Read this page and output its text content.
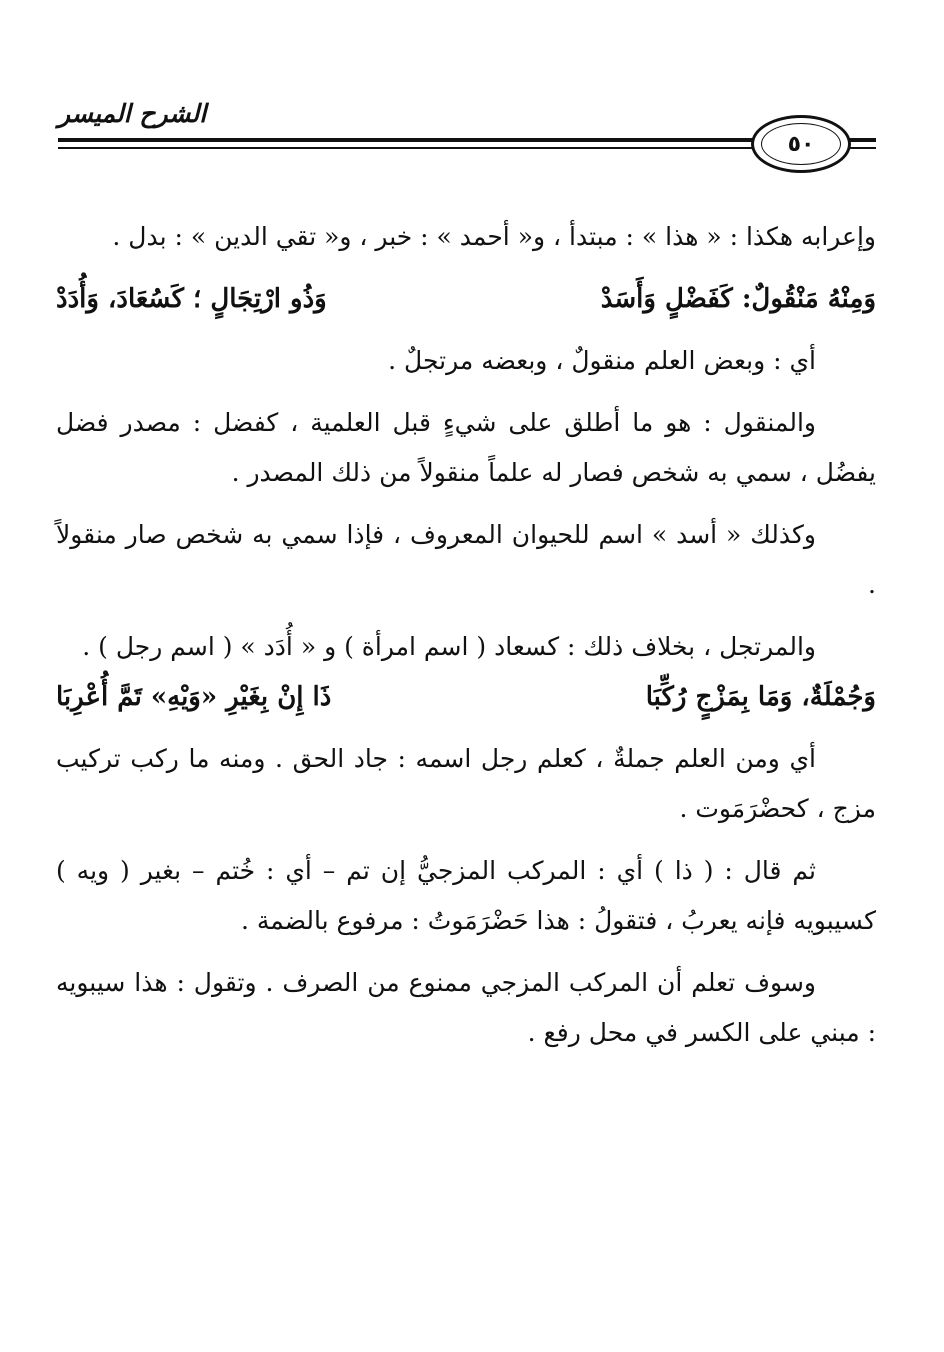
الشرح الميسر
٥٠

وإعرابه هكذا : « هذا » : مبتدأ ، و« أحمد » : خبر ، و« تقي الدين » : بدل .

وَمِنْهُ مَنْقُولٌ: كَفَضْلٍ وَأَسَدْ
وَذُو ارْتِجَالٍ ؛ كَسُعَادَ، وَأُدَدْ

أي : وبعض العلم منقولٌ ، وبعضه مرتجلٌ .

والمنقول : هو ما أطلق على شيءٍ قبل العلمية ، كفضل : مصدر فضل يفضُل ، سمي به شخص فصار له علماً منقولاً من ذلك المصدر .

وكذلك « أسد » اسم للحيوان المعروف ، فإذا سمي به شخص صار منقولاً .

والمرتجل ، بخلاف ذلك : كسعاد ( اسم امرأة ) و « أُدَد » ( اسم رجل ) .

وَجُمْلَةٌ، وَمَا بِمَزْجٍ رُكِّبَا
ذَا إِنْ بِغَيْرِ «وَيْهِ» تَمَّ أُعْرِبَا

أي ومن العلم جملةٌ ، كعلم رجل اسمه : جاد الحق . ومنه ما ركب تركيب مزج ، كحضْرَمَوت .

ثم قال : ( ذا ) أي : المركب المزجيُّ إن تم – أي : خُتم – بغير ( ويه ) كسيبويه فإنه يعربُ ، فتقولُ : هذا حَضْرَمَوتُ : مرفوع بالضمة .

وسوف تعلم أن المركب المزجي ممنوع من الصرف . وتقول : هذا سيبويه : مبني على الكسر في محل رفع .
